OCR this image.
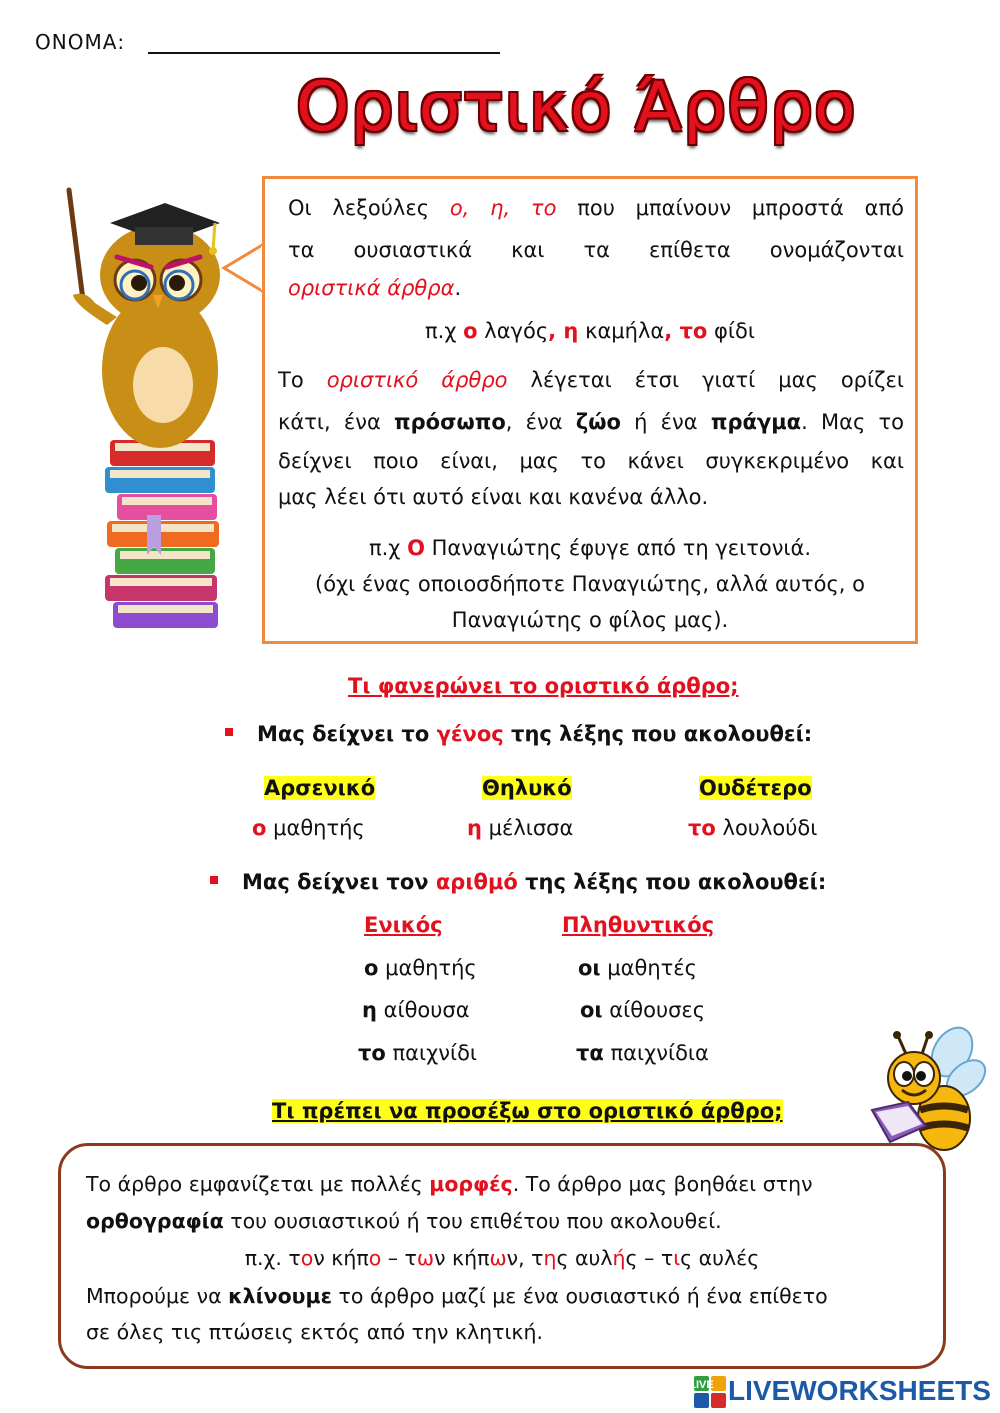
ΟΝΟΜΑ:
Οριστικό Άρθρο
Οι λεξούλες ο, η, το που μπαίνουν μπροστά από
τα ουσιαστικά και τα επίθετα ονομάζονται
οριστικά άρθρα.
π.χ ο λαγός, η καμήλα, το φίδι
Το οριστικό άρθρο λέγεται έτσι γιατί μας ορίζει
κάτι, ένα πρόσωπο, ένα ζώο ή ένα πράγμα. Μας το
δείχνει ποιο είναι, μας το κάνει συγκεκριμένο και
μας λέει ότι αυτό είναι και κανένα άλλο.
π.χ Ο Παναγιώτης έφυγε από τη γειτονιά.
(όχι ένας οποιοσδήποτε Παναγιώτης, αλλά αυτός, ο
Παναγιώτης ο φίλος μας).
Τι φανερώνει το οριστικό άρθρο;
Μας δείχνει το γένος της λέξης που ακολουθεί:
Αρσενικό	Θηλυκό	Ουδέτερο
ο μαθητής	η μέλισσα	το λουλούδι
Μας δείχνει τον αριθμό της λέξης που ακολουθεί:
Ενικός	Πληθυντικός
ο μαθητής	οι μαθητές
η αίθουσα	οι αίθουσες
το παιχνίδι	τα παιχνίδια
Τι πρέπει να προσέξω στο οριστικό άρθρο;
Το άρθρο εμφανίζεται με πολλές μορφές. Το άρθρο μας βοηθάει στην
ορθογραφία του ουσιαστικού ή του επιθέτου που ακολουθεί.
π.χ. τον κήπο – των κήπων, της αυλής – τις αυλές
Μπορούμε να κλίνουμε το άρθρο μαζί με ένα ουσιαστικό ή ένα επίθετο
σε όλες τις πτώσεις εκτός από την κλητική.
LIVE LIVEWORKSHEETS
